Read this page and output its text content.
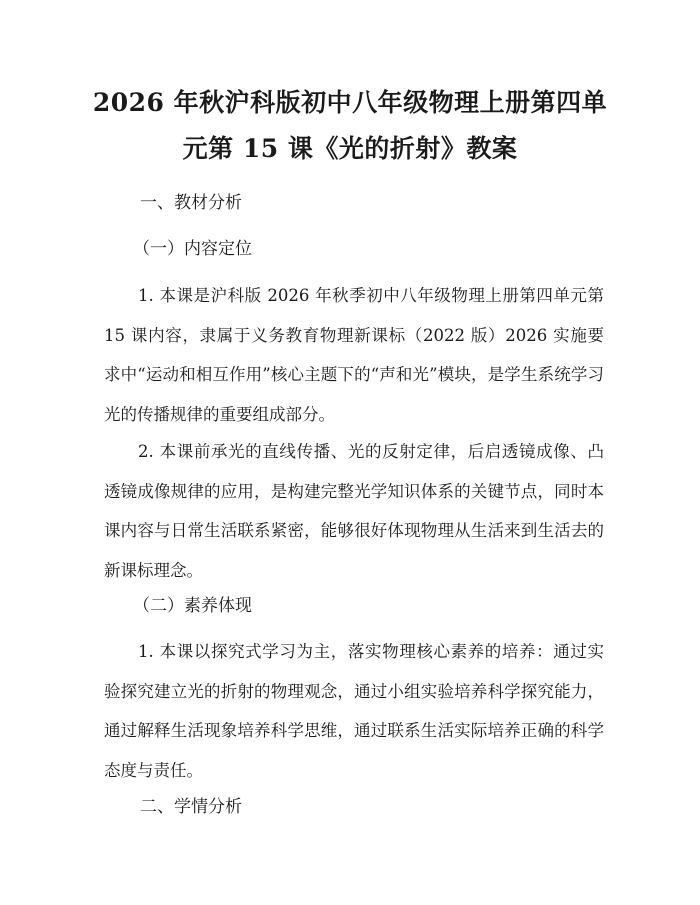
2026 年秋沪科版初中八年级物理上册第四单
元第 15 课《光的折射》教案
一、教材分析
（一）内容定位

1. 本课是沪科版 2026 年秋季初中八年级物理上册第四单元第 15 课内容，隶属于义务教育物理新课标（2022 版）2026 实施要求中“运动和相互作用”核心主题下的“声和光”模块，是学生系统学习光的传播规律的重要组成部分。

2. 本课前承光的直线传播、光的反射定律，后启透镜成像、凸透镜成像规律的应用，是构建完整光学知识体系的关键节点，同时本课内容与日常生活联系紧密，能够很好体现物理从生活来到生活去的新课标理念。

（二）素养体现

1. 本课以探究式学习为主，落实物理核心素养的培养：通过实验探究建立光的折射的物理观念，通过小组实验培养科学探究能力，通过解释生活现象培养科学思维，通过联系生活实际培养正确的科学态度与责任。

二、学情分析
